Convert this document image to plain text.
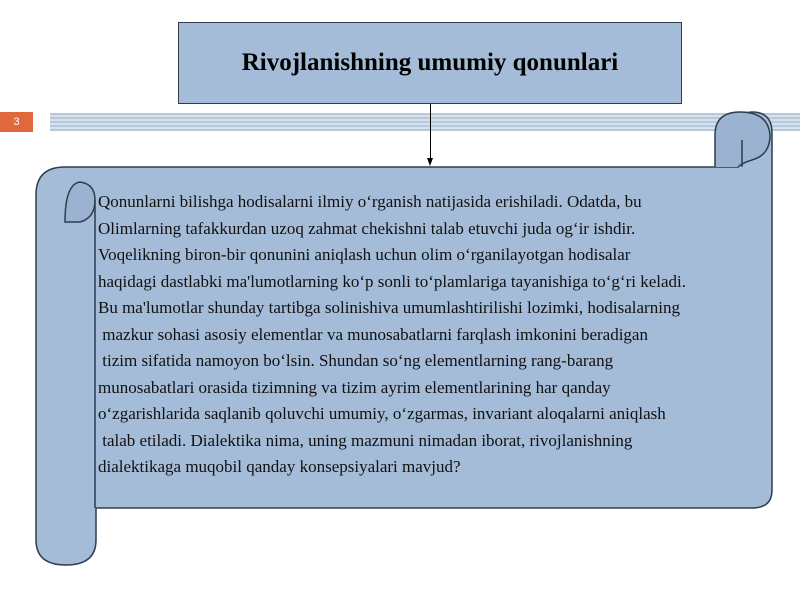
3
Rivojlanishning umumiy qonunlari
Qonunlarni bilishga hodisalarni ilmiy o‘rganish natijasida erishiladi. Odatda, bu
Olimlarning tafakkurdan uzoq zahmat chekishni talab etuvchi juda og‘ir ishdir.
Voqelikning biron-bir qonunini aniqlash uchun olim o‘rganilayotgan hodisalar
haqidagi dastlabki ma'lumotlarning ko‘p sonli to‘plamlariga tayanishiga to‘g‘ri keladi.
Bu ma'lumotlar shunday tartibga solinishiva umumlashtirilishi lozimki, hodisalarning
mazkur sohasi asosiy elementlar va munosabatlarni farqlash imkonini beradigan
tizim sifatida namoyon bo‘lsin. Shundan so‘ng elementlarning rang-barang
munosabatlari orasida tizimning va tizim ayrim elementlarining har qanday
o‘zgarishlarida saqlanib qoluvchi umumiy, o‘zgarmas, invariant aloqalarni aniqlash
talab etiladi. Dialektika nima, uning mazmuni nimadan iborat, rivojlanishning
dialektikaga muqobil qanday konsepsiyalari mavjud?
